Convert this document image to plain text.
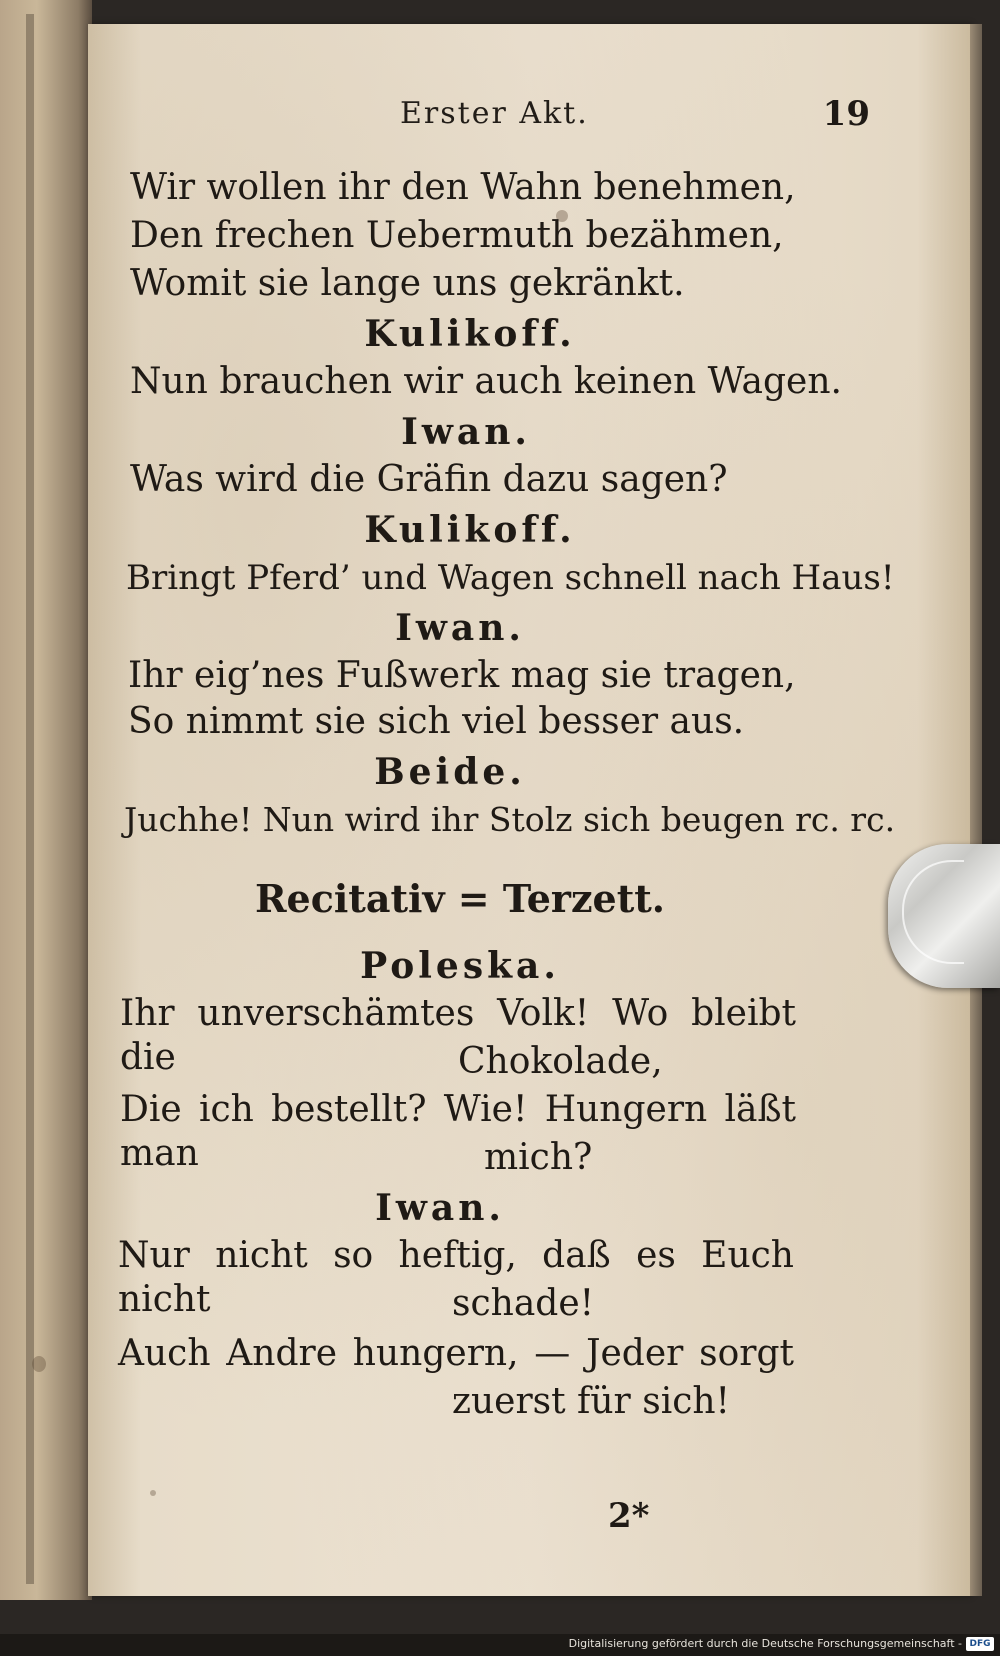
Erster Akt.	19
Wir wollen ihr den Wahn benehmen,
Den frechen Uebermuth bezähmen,
Womit sie lange uns gekränkt.
Kulikoff.
Nun brauchen wir auch keinen Wagen.
Iwan.
Was wird die Gräfin dazu sagen?
Kulikoff.
Bringt Pferd’ und Wagen schnell nach Haus!
Iwan.
Ihr eig’nes Fußwerk mag sie tragen,
So nimmt sie sich viel besser aus.
Beide.
Juchhe! Nun wird ihr Stolz sich beugen rc. rc.
Recitativ = Terzett.
Poleska.
Ihr unverschämtes Volk! Wo bleibt die	Chokolade,
Die ich bestellt? Wie! Hungern läßt man	mich?
Iwan.
Nur nicht so heftig, daß es Euch nicht	schade!
Auch Andre hungern, — Jeder sorgt
zuerst für sich!
2*
Digitalisierung gefördert durch die Deutsche Forschungsgemeinschaft - DFG
